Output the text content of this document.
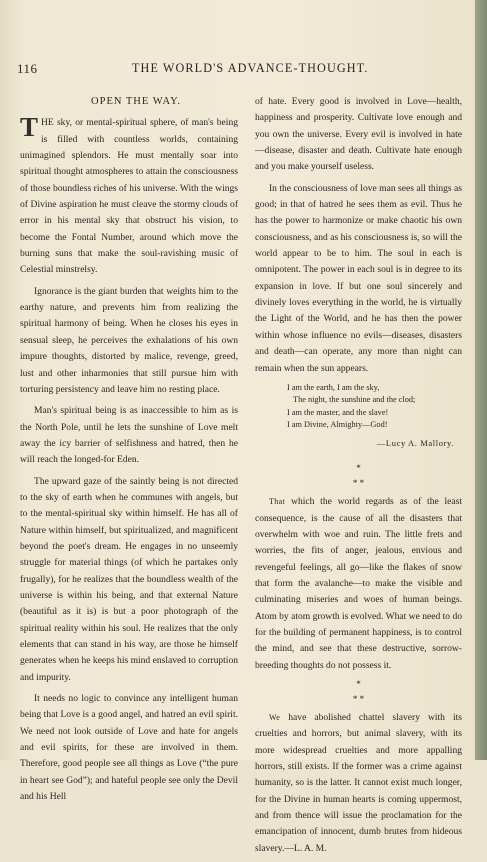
116	THE WORLD'S ADVANCE-THOUGHT.

OPEN THE WAY.

THE sky, or mental-spiritual sphere, of man's being is filled with countless worlds, containing unimagined splendors. He must mentally soar into spiritual thought atmospheres to attain the consciousness of those boundless riches of his universe. With the wings of Divine aspiration he must cleave the stormy clouds of error in his mental sky that obstruct his vision, to become the Fontal Number, around which move the burning suns that make the soul-ravishing music of Celestial minstrelsy.

Ignorance is the giant burden that weights him to the earthy nature, and prevents him from realizing the spiritual harmony of being. When he closes his eyes in sensual sleep, he perceives the exhalations of his own impure thoughts, distorted by malice, revenge, greed, lust and other inharmonies that still pursue him with torturing persistency and leave him no resting place.

Man's spiritual being is as inaccessible to him as is the North Pole, until he lets the sunshine of Love melt away the icy barrier of selfishness and hatred, then he will reach the longed-for Eden.

The upward gaze of the saintly being is not directed to the sky of earth when he communes with angels, but to the mental-spiritual sky within himself. He has all of Nature within himself, but spiritualized, and magnificent beyond the poet's dream. He engages in no unseemly struggle for material things (of which he partakes only frugally), for he realizes that the boundless wealth of the universe is within his being, and that external Nature (beautiful as it is) is but a poor photograph of the spiritual reality within his soul. He realizes that the only elements that can stand in his way, are those he himself generates when he keeps his mind enslaved to corruption and impurity.

It needs no logic to convince any intelligent human being that Love is a good angel, and hatred an evil spirit. We need not look outside of Love and hate for angels and evil spirits, for these are involved in them. Therefore, good people see all things as Love (“the pure in heart see God”); and hateful people see only the Devil and his Hell

of hate. Every good is involved in Love—health, happiness and prosperity. Cultivate love enough and you own the universe. Every evil is involved in hate—disease, disaster and death. Cultivate hate enough and you make yourself useless.

In the consciousness of love man sees all things as good; in that of hatred he sees them as evil. Thus he has the power to harmonize or make chaotic his own consciousness, and as his consciousness is, so will the world appear to be to him. The soul in each is omnipotent. The power in each soul is in degree to its expansion in love. If but one soul sincerely and divinely loves everything in the world, he is virtually the Light of the World, and he has then the power within whose influence no evils—diseases, disasters and death—can operate, any more than night can remain when the sun appears.

I am the earth, I am the sky,
The night, the sunshine and the clod;
I am the master, and the slave!
I am Divine, Almighty—God!
—Lucy A. Mallory.
*
* *

That which the world regards as of the least consequence, is the cause of all the disasters that overwhelm with woe and ruin. The little frets and worries, the fits of anger, jealous, envious and revengeful feelings, all go—like the flakes of snow that form the avalanche—to make the visible and culminating miseries and woes of human beings. Atom by atom growth is evolved. What we need to do for the building of permanent happiness, is to control the mind, and see that these destructive, sorrow-breeding thoughts do not possess it.

*
* *

We have abolished chattel slavery with its cruelties and horrors, but animal slavery, with its more widespread cruelties and more appalling horrors, still exists. If the former was a crime against humanity, so is the latter. It cannot exist much longer, for the Divine in human hearts is coming uppermost, and from thence will issue the proclamation for the emancipation of innocent, dumb brutes from hideous slavery.—L. A. M.
